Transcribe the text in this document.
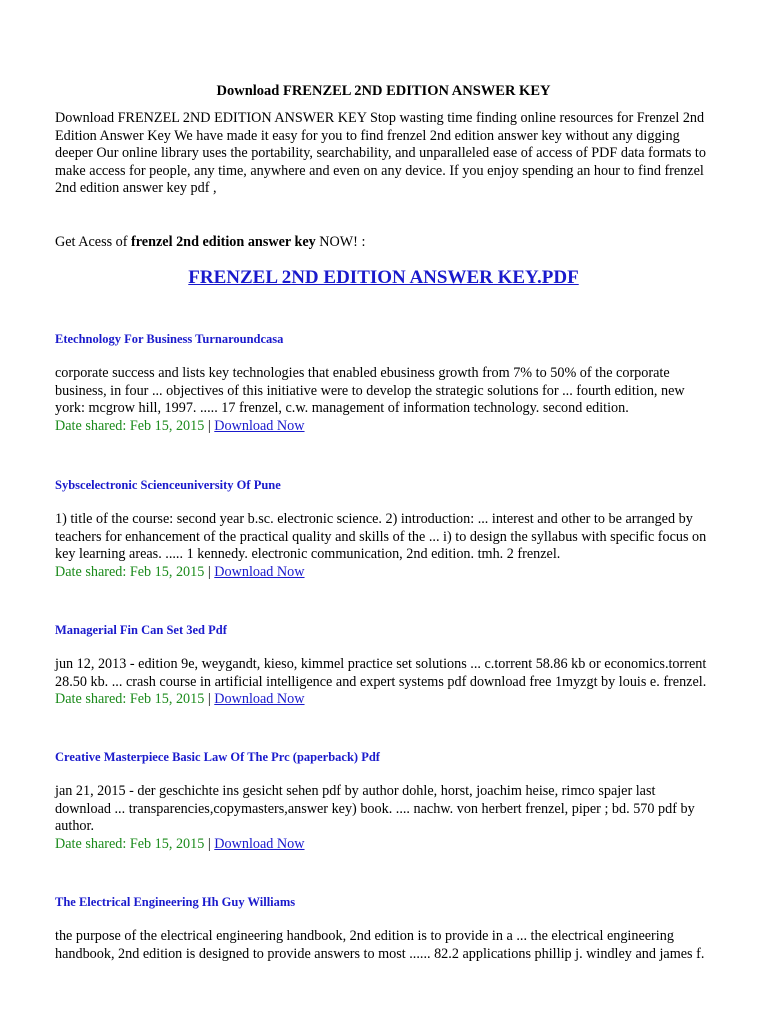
Download FRENZEL 2ND EDITION ANSWER KEY

Download FRENZEL 2ND EDITION ANSWER KEY Stop wasting time finding online resources for Frenzel 2nd Edition Answer Key We have made it easy for you to find frenzel 2nd edition answer key without any digging deeper Our online library uses the portability, searchability, and unparalleled ease of access of PDF data formats to make access for people, any time, anywhere and even on any device. If you enjoy spending an hour to find frenzel 2nd edition answer key pdf ,

Get Acess of frenzel 2nd edition answer key NOW! :

FRENZEL 2ND EDITION ANSWER KEY.PDF

Etechnology For Business Turnaroundcasa

corporate success and lists key technologies that enabled ebusiness growth from 7% to 50% of the corporate business, in four ... objectives of this initiative were to develop the strategic solutions for ... fourth edition, new york: mcgrow hill, 1997. ..... 17 frenzel, c.w. management of information technology. second edition.

Date shared: Feb 15, 2015 | Download Now

Sybscelectronic Scienceuniversity Of Pune

1) title of the course: second year b.sc. electronic science. 2) introduction: ... interest and other to be arranged by teachers for enhancement of the practical quality and skills of the ... i) to design the syllabus with specific focus on key learning areas. ..... 1 kennedy. electronic communication, 2nd edition. tmh. 2 frenzel.

Date shared: Feb 15, 2015 | Download Now

Managerial Fin Can Set 3ed Pdf

jun 12, 2013 - edition 9e, weygandt, kieso, kimmel practice set solutions ... c.torrent 58.86 kb or economics.torrent 28.50 kb. ... crash course in artificial intelligence and expert systems pdf download free 1myzgt by louis e. frenzel.

Date shared: Feb 15, 2015 | Download Now

Creative Masterpiece Basic Law Of The Prc (paperback) Pdf

jan 21, 2015 - der geschichte ins gesicht sehen pdf by author dohle, horst, joachim heise, rimco spajer last download ... transparencies,copymasters,answer key) book. .... nachw. von herbert frenzel, piper ; bd. 570 pdf by author.

Date shared: Feb 15, 2015 | Download Now

The Electrical Engineering Hh Guy Williams

the purpose of the electrical engineering handbook, 2nd edition is to provide in a ... the electrical engineering handbook, 2nd edition is designed to provide answers to most ...... 82.2 applications phillip j. windley and james f.
